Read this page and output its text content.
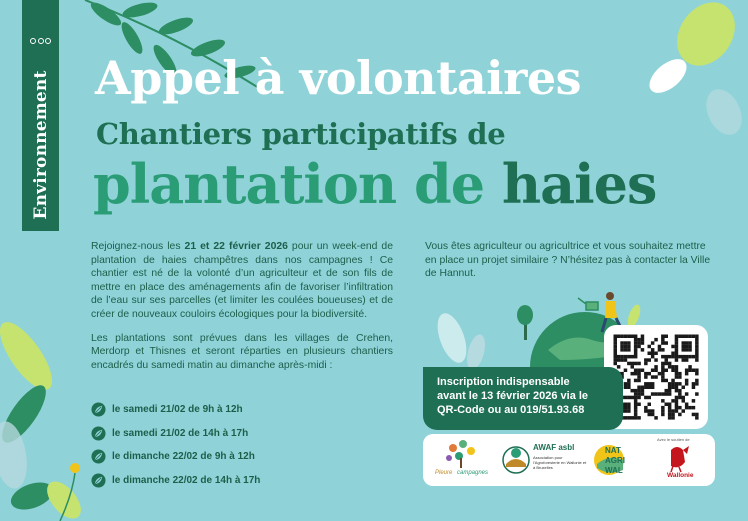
Environnement Appel à volontaires
Chantiers participatifs de
plantation de haies

Rejoignez-nous les 21 et 22 février 2026 pour un week-end de plantation de haies champêtres dans nos campagnes ! Ce chantier est né de la volonté d’un agriculteur et de son fils de mettre en place des aménagements afin de favoriser l’infiltration de l’eau sur ses parcelles (et limiter les coulées boueuses) et de créer de nouveaux couloirs écologiques pour la biodiversité.

Les plantations sont prévues dans les villages de Crehen, Merdorp et Thisnes et seront réparties en plusieurs chantiers encadrés du samedi matin au dimanche après-midi :

le samedi 21/02 de 9h à 12h
le samedi 21/02 de 14h à 17h
le dimanche 22/02 de 9h à 12h
le dimanche 22/02 de 14h à 17h

Vous êtes agriculteur ou agricultrice et vous souhaitez mettre en place un projet similaire ? N’hésitez pas à contacter la Ville de Hannut.

Inscription indispensable

avant le 13 février 2026 via le

QR-Code ou au 019/51.93.68

Pleure campagnes
AWAF asbl
Association pour l’Agroforesterie en Wallonie et à Bruxelles
NAT
AGRI
WAL
Avec le soutien de
Wallonie
